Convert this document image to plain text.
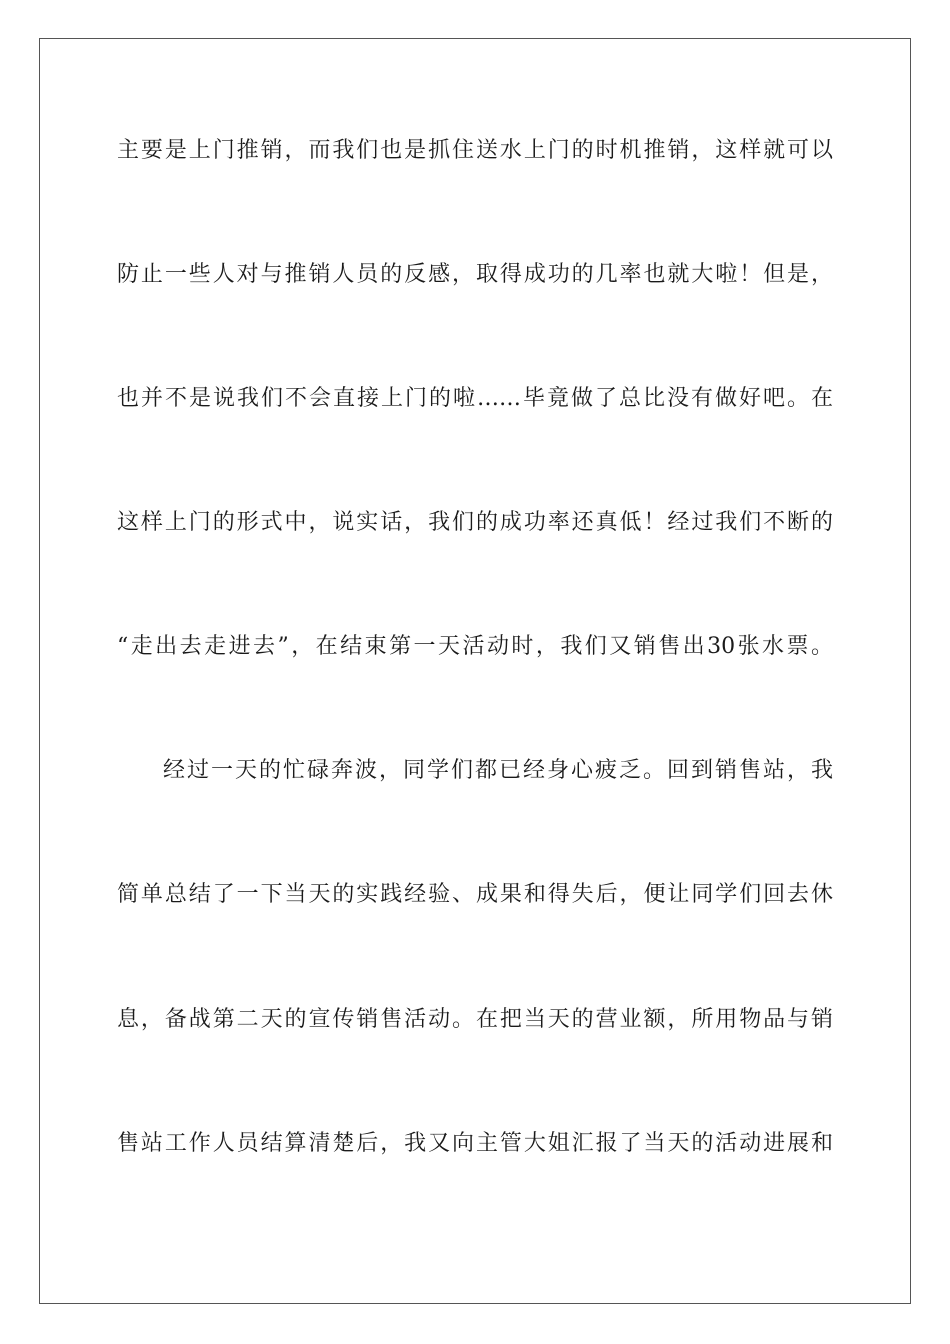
主要是上门推销，而我们也是抓住送水上门的时机推销，这样就可以
防止一些人对与推销人员的反感，取得成功的几率也就大啦！但是，
也并不是说我们不会直接上门的啦……毕竟做了总比没有做好吧。在
这样上门的形式中，说实话，我们的成功率还真低！经过我们不断的
“走出去走进去”，在结束第一天活动时，我们又销售出30张水票。
经过一天的忙碌奔波，同学们都已经身心疲乏。回到销售站，我
简单总结了一下当天的实践经验、成果和得失后，便让同学们回去休
息，备战第二天的宣传销售活动。在把当天的营业额，所用物品与销
售站工作人员结算清楚后，我又向主管大姐汇报了当天的活动进展和
